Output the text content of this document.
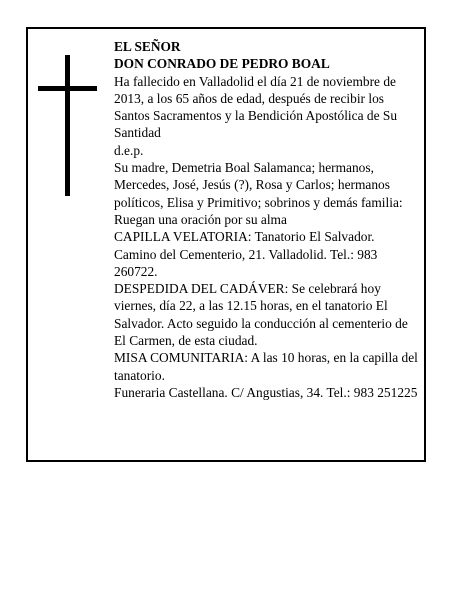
EL SEÑOR

DON CONRADO DE PEDRO BOAL

Ha fallecido en Valladolid el día 21 de noviembre de 2013, a los 65 años de edad, después de recibir los Santos Sacramentos y la Bendición Apostólica de Su Santidad

d.e.p.

Su madre, Demetria Boal Salamanca; hermanos, Mercedes, José, Jesús (?), Rosa y Carlos; hermanos políticos, Elisa y Primitivo; sobrinos y demás familia:

Ruegan una oración por su alma

CAPILLA VELATORIA: Tanatorio El Salvador. Camino del Cementerio, 21. Valladolid. Tel.: 983 260722.

DESPEDIDA DEL CADÁVER: Se celebrará hoy viernes, día 22, a las 12.15 horas, en el tanatorio El Salvador. Acto seguido la conducción al cementerio de El Carmen, de esta ciudad.

MISA COMUNITARIA: A las 10 horas, en la capilla del tanatorio.

Funeraria Castellana. C/ Angustias, 34. Tel.: 983 251225
